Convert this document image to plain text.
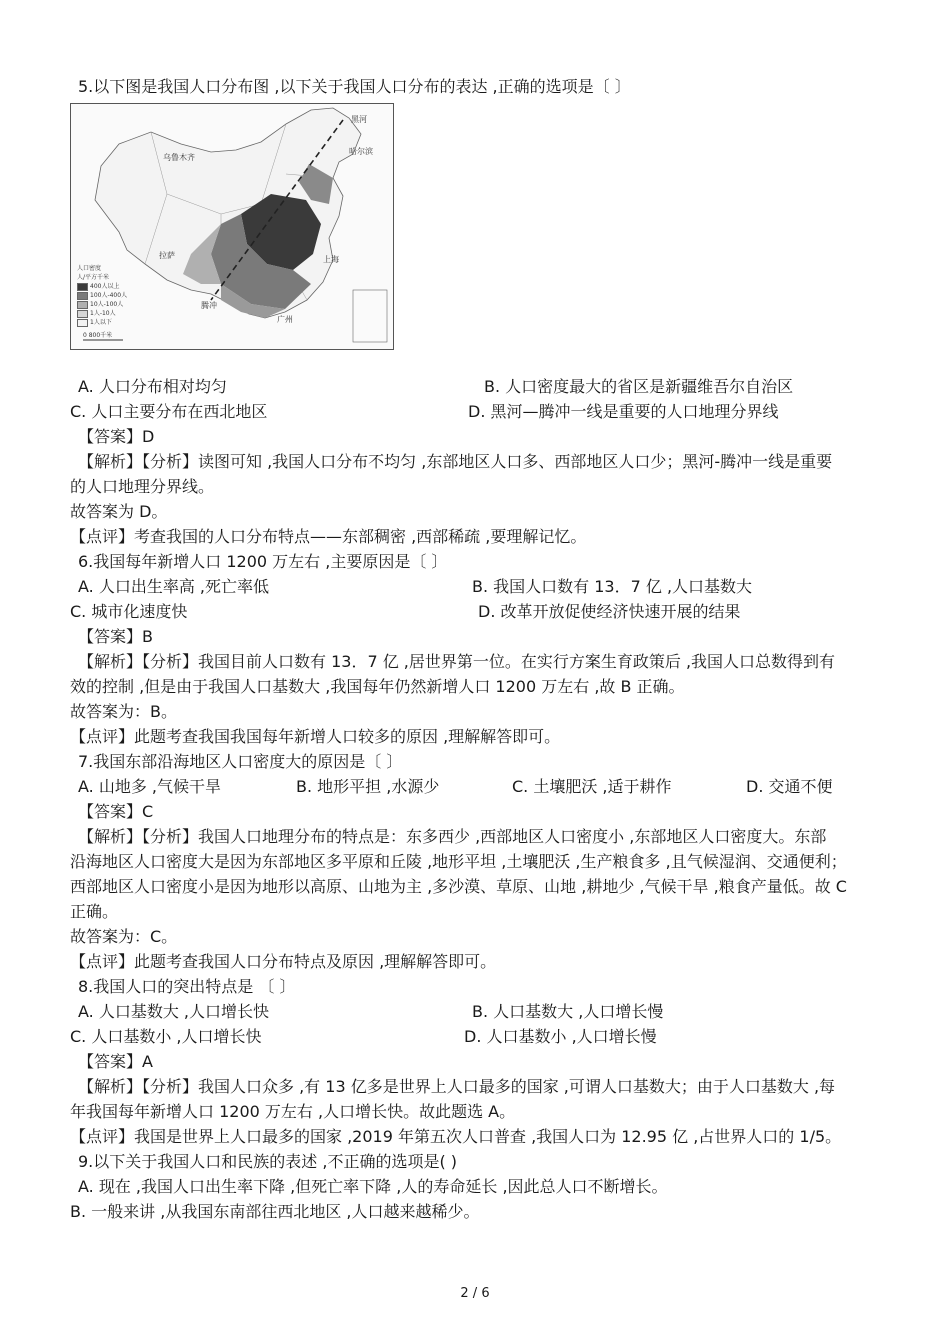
5.以下图是我国人口分布图 ,以下关于我国人口分布的表达 ,正确的选项是〔 〕
乌鲁木齐
哈尔滨
拉萨
黑河
腾冲
上海
广州
人口密度
人/平方千米
400人以上
100人-400人
10人-100人
1人-10人
1人以下
0 800千米
A. 人口分布相对均匀	B. 人口密度最大的省区是新疆维吾尔自治区
C. 人口主要分布在西北地区	D. 黑河—腾冲一线是重要的人口地理分界线
【答案】D
【解析】【分析】读图可知 ,我国人口分布不均匀 ,东部地区人口多、西部地区人口少；黑河-腾冲一线是重要
的人口地理分界线。
故答案为 D。
【点评】考查我国的人口分布特点——东部稠密 ,西部稀疏 ,要理解记忆。
6.我国每年新增人口 1200 万左右 ,主要原因是〔 〕
A. 人口出生率高 ,死亡率低	B. 我国人口数有 13．7 亿 ,人口基数大
C. 城市化速度快	D. 改革开放促使经济快速开展的结果
【答案】B
【解析】【分析】我国目前人口数有 13．7 亿 ,居世界第一位。在实行方案生育政策后 ,我国人口总数得到有
效的控制 ,但是由于我国人口基数大 ,我国每年仍然新增人口 1200 万左右 ,故 B 正确。
故答案为：B。
【点评】此题考查我国我国每年新增人口较多的原因 ,理解解答即可。
7.我国东部沿海地区人口密度大的原因是〔 〕
A. 山地多 ,气候干旱	B. 地形平担 ,水源少	C. 土壤肥沃 ,适于耕作	D. 交通不便
【答案】C
【解析】【分析】我国人口地理分布的特点是：东多西少 ,西部地区人口密度小 ,东部地区人口密度大。东部
沿海地区人口密度大是因为东部地区多平原和丘陵 ,地形平坦 ,土壤肥沃 ,生产粮食多 ,且气候湿润、交通便利；
西部地区人口密度小是因为地形以高原、山地为主 ,多沙漠、草原、山地 ,耕地少 ,气候干旱 ,粮食产量低。故 C
正确。
故答案为：C。
【点评】此题考查我国人口分布特点及原因 ,理解解答即可。
8.我国人口的突出特点是 〔 〕
A. 人口基数大 ,人口增长快	B. 人口基数大 ,人口增长慢
C. 人口基数小 ,人口增长快	D. 人口基数小 ,人口增长慢
【答案】A
【解析】【分析】我国人口众多 ,有 13 亿多是世界上人口最多的国家 ,可谓人口基数大；由于人口基数大 ,每
年我国每年新增人口 1200 万左右 ,人口增长快。故此题选 A。
【点评】我国是世界上人口最多的国家 ,2019 年第五次人口普查 ,我国人口为 12.95 亿 ,占世界人口的 1/5。
9.以下关于我国人口和民族的表述 ,不正确的选项是( )
A. 现在 ,我国人口出生率下降 ,但死亡率下降 ,人的寿命延长 ,因此总人口不断增长。
B. 一般来讲 ,从我国东南部往西北地区 ,人口越来越稀少。
2 / 6
